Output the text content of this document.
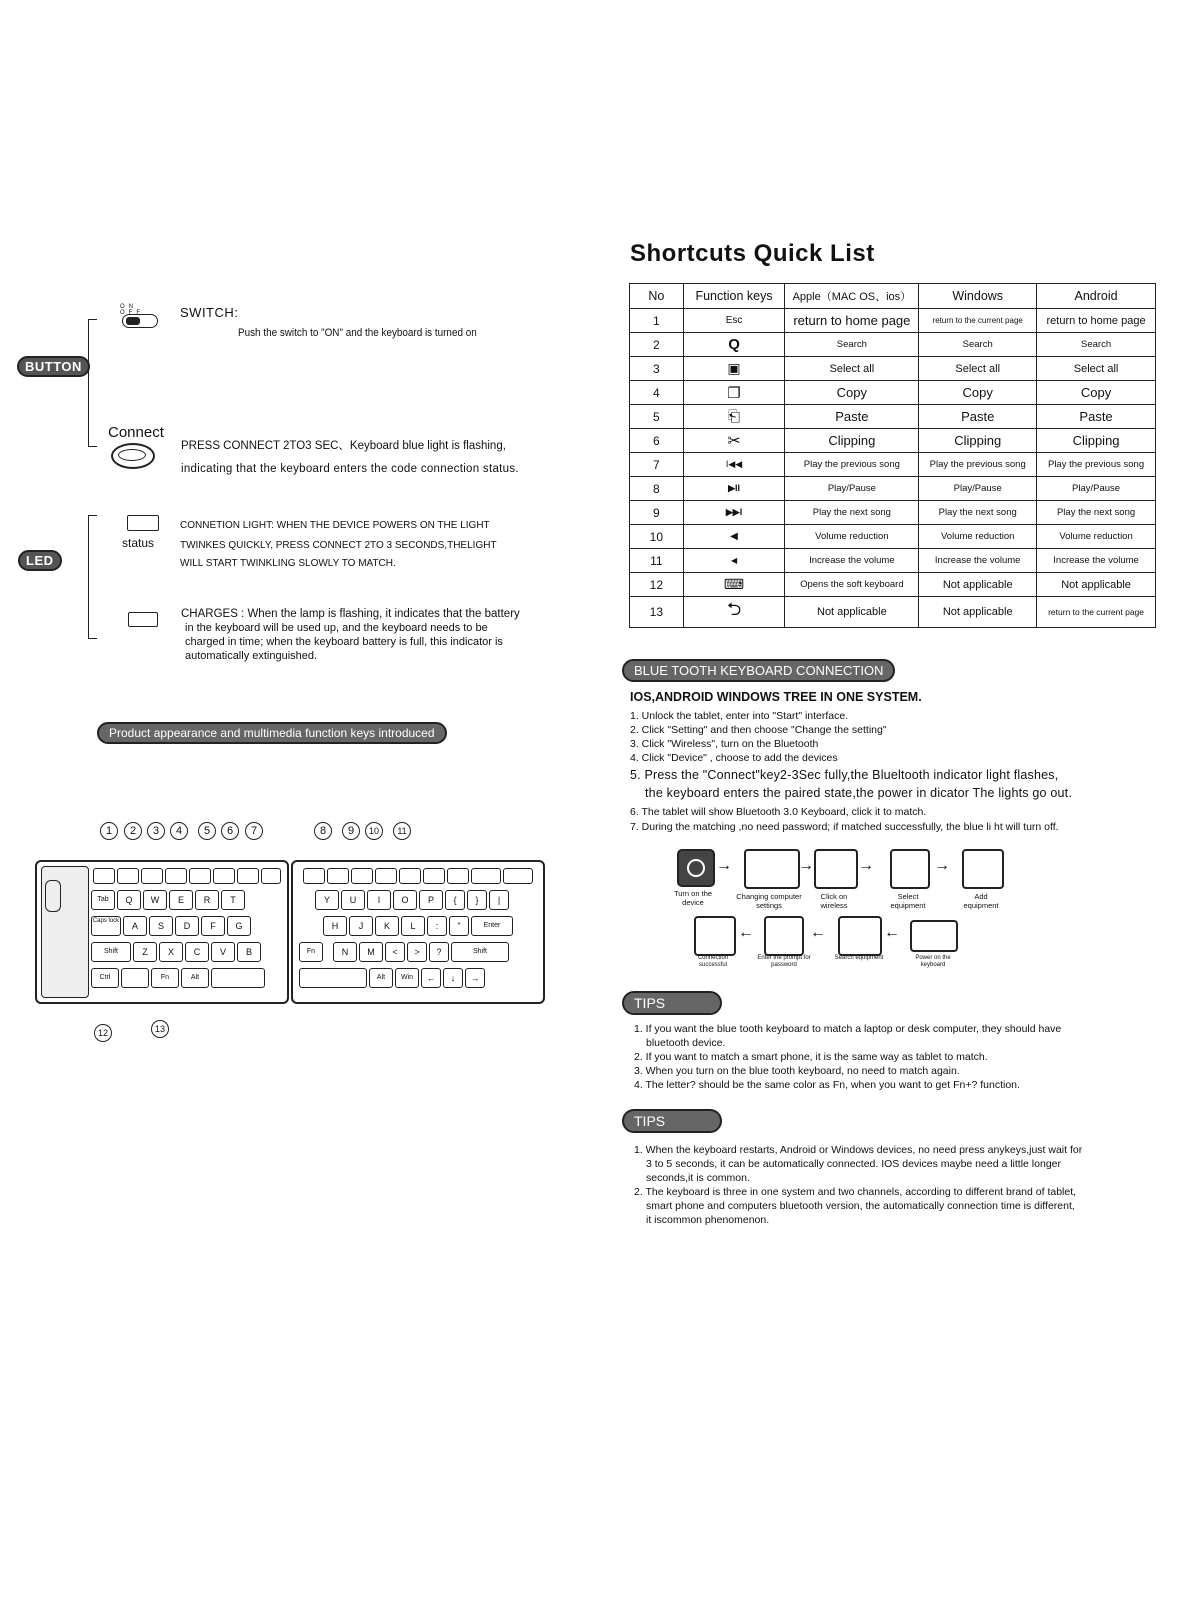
BUTTON
ON OFF	SWITCH:
Push the switch to "ON" and the keyboard is turned on
Connect
PRESS CONNECT 2TO3 SEC、Keyboard blue light is flashing,
indicating that the keyboard enters the code connection status.
LED
status
CONNETION LIGHT: WHEN THE DEVICE POWERS ON THE LIGHT
TWINKES QUICKLY, PRESS CONNECT 2TO 3 SECONDS,THELIGHT
WILL START TWINKLING SLOWLY TO MATCH.
CHARGES : When the lamp is flashing, it indicates that the battery
in the keyboard will be used up, and the keyboard needs to be
charged in time; when the keyboard battery is full, this indicator is
automatically extinguished.
Product appearance and multimedia function keys introduced
1	2	3	4	5	6	7	8	9	10	11
Tab	Q	W	E	R	T
Caps lock	A	S	D	F	G
Shift	Z	X	C	V	B
Ctrl	Fn	Alt
Y	U	I	O	P	{	}	|
H	J	K	L	:	"	Enter
Fn	N	M	<	>	?	Shift
Alt	Win	←	↓	→
12	13
Shortcuts Quick List
No	Function keys	Apple（MAC OS、ios）	Windows	Android
1	Esc	return to home page	return to the current page	return to home page
2	Q	Search	Search	Search
3	▣	Select all	Select all	Select all
4	❐	Copy	Copy	Copy
5	⎗	Paste	Paste	Paste
6	✂	Clipping	Clipping	Clipping
7	I◀◀	Play the previous song	Play the previous song	Play the previous song
8	▶II	Play/Pause	Play/Pause	Play/Pause
9	▶▶I	Play the next song	Play the next song	Play the next song
10	◀	Volume reduction	Volume reduction	Volume reduction
11	◀	Increase the volume	Increase the volume	Increase the volume
12	⌨	Opens the soft keyboard	Not applicable	Not applicable
13	⮌	Not applicable	Not applicable	return to the current page
BLUE TOOTH KEYBOARD CONNECTION
IOS,ANDROID WINDOWS TREE IN ONE SYSTEM.
1. Unlock the tablet, enter into "Start" interface.
2. Click "Setting" and then choose "Change the setting"
3. Click "Wireless", turn on the Bluetooth
4. Click "Device" , choose to add the devices
5. Press the "Connect"key2-3Sec fully,the Blueltooth indicator light flashes,
the keyboard enters the paired state,the power in dicator The lights go out.
6. The tablet will show Bluetooth 3.0 Keyboard, click it to match.
7. During the matching ,no need password; if matched successfully, the blue li ht will turn off.
→	→	→	→
Turn on the device
Changing computer settings
Click on wireless
Select equipment
Add equipment
←	←	←
Connection successful
Enter the prompt for password
Search equipment	Power on the keyboard
TIPS
1. If you want the blue tooth keyboard to match a laptop or desk computer, they should have
bluetooth device.
2. If you want to match a smart phone, it is the same way as tablet to match.
3. When you turn on the blue tooth keyboard, no need to match again.
4. The letter? should be the same color as Fn, when you want to get Fn+? function.
TIPS
1. When the keyboard restarts, Android or Windows devices, no need press anykeys,just wait for
3 to 5 seconds, it can be automatically connected. IOS devices maybe need a little longer
seconds,it is common.
2. The keyboard is three in one system and two channels, according to different brand of tablet,
smart phone and computers bluetooth version, the automatically connection time is different,
it iscommon phenomenon.
